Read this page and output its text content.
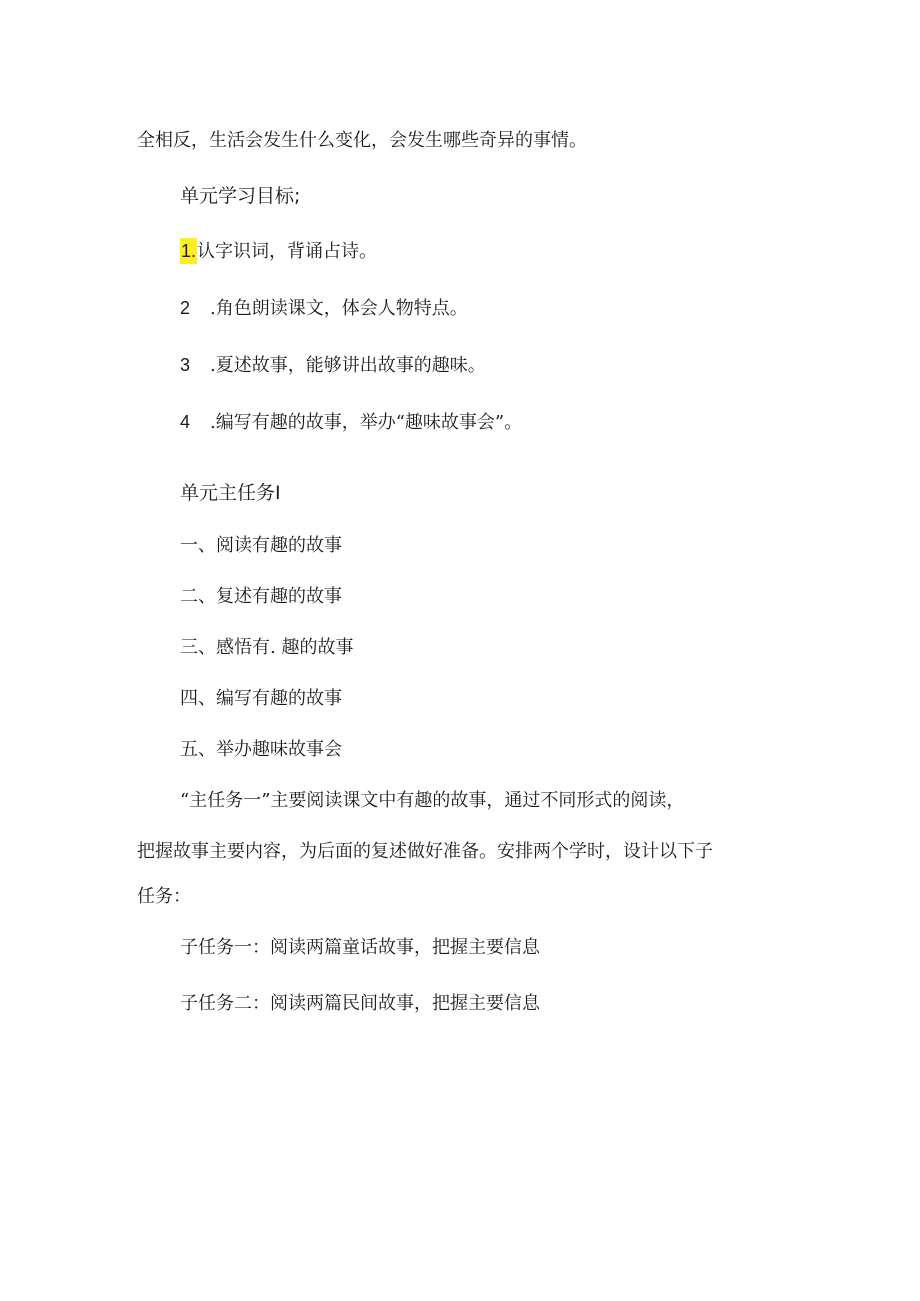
全相反，生活会发生什么变化，会发生哪些奇异的事情。
单元学习目标;
1.认字识词，背诵占诗。
2 .角色朗读课文，体会人物特点。
3 .夏述故事，能够讲出故事的趣味。
4 .编写有趣的故事，举办“趣味故事会”。
单元主任务I
一、阅读有趣的故事
二、复述有趣的故事
三、感悟有. 趣的故事
四、编写有趣的故事
五、举办趣味故事会
“主任务一”主要阅读课文中有趣的故事，通过不同形式的阅读，
把握故事主要内容，为后面的复述做好准备。安排两个学时，设计以下子
任务：
子任务一：阅读两篇童话故事，把握主要信息
子任务二：阅读两篇民间故事，把握主要信息
